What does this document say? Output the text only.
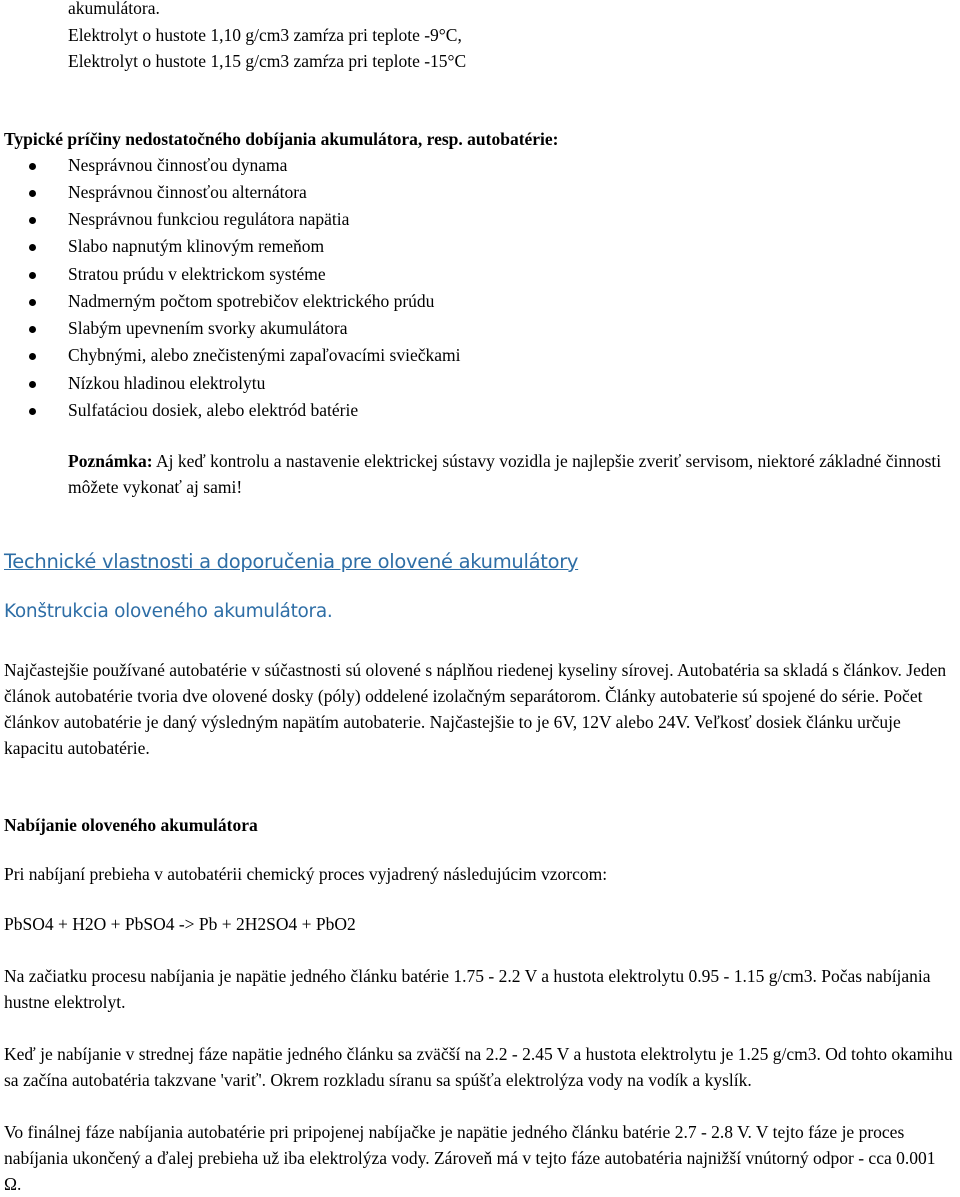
akumulátora.
Elektrolyt o hustote 1,10 g/cm3 zamŕza pri teplote -9°C,
Elektrolyt o hustote 1,15 g/cm3 zamŕza pri teplote -15°C
Typické príčiny nedostatočného dobíjania akumulátora, resp. autobatérie:
Nesprávnou činnosťou dynama
Nesprávnou činnosťou alternátora
Nesprávnou funkciou regulátora napätia
Slabo napnutým klinovým remeňom
Stratou prúdu v elektrickom systéme
Nadmerným počtom spotrebičov elektrického prúdu
Slabým upevnením svorky akumulátora
Chybnými, alebo znečistenými zapaľovacími sviečkami
Nízkou hladinou elektrolytu
Sulfatáciou dosiek, alebo elektród batérie
Poznámka: Aj keď kontrolu a nastavenie elektrickej sústavy vozidla je najlepšie zveriť servisom, niektoré základné činnosti môžete vykonať aj sami!
Technické vlastnosti a doporučenia pre olovené akumulátory
Konštrukcia oloveného akumulátora.
Najčastejšie používané autobatérie v súčastnosti sú olovené s náplňou riedenej kyseliny sírovej. Autobatéria sa skladá s článkov. Jeden článok autobatérie tvoria dve olovené dosky (póly) oddelené izolačným separátorom. Články autobaterie sú spojené do série. Počet článkov autobatérie je daný výsledným napätím autobaterie. Najčastejšie to je 6V, 12V alebo 24V. Veľkosť dosiek článku určuje kapacitu autobatérie.
Nabíjanie oloveného akumulátora
Pri nabíjaní prebieha v autobatérii chemický proces vyjadrený následujúcim vzorcom:
PbSO4 + H2O + PbSO4 -> Pb + 2H2SO4 + PbO2
Na začiatku procesu nabíjania je napätie jedného článku batérie 1.75 - 2.2 V a hustota elektrolytu 0.95 - 1.15 g/cm3. Počas nabíjania hustne elektrolyt.
Keď je nabíjanie v strednej fáze napätie jedného článku sa zväčší na 2.2 - 2.45 V a hustota elektrolytu je 1.25 g/cm3. Od tohto okamihu sa začína autobatéria takzvane 'variť'. Okrem rozkladu síranu sa spúšťa elektrolýza vody na vodík a kyslík.
Vo finálnej fáze nabíjania autobatérie pri pripojenej nabíjačke je napätie jedného článku batérie 2.7 - 2.8 V. V tejto fáze je proces nabíjania ukončený a ďalej prebieha už iba elektrolýza vody. Zároveň má v tejto fáze autobatéria najnižší vnútorný odpor - cca 0.001 Ω.
